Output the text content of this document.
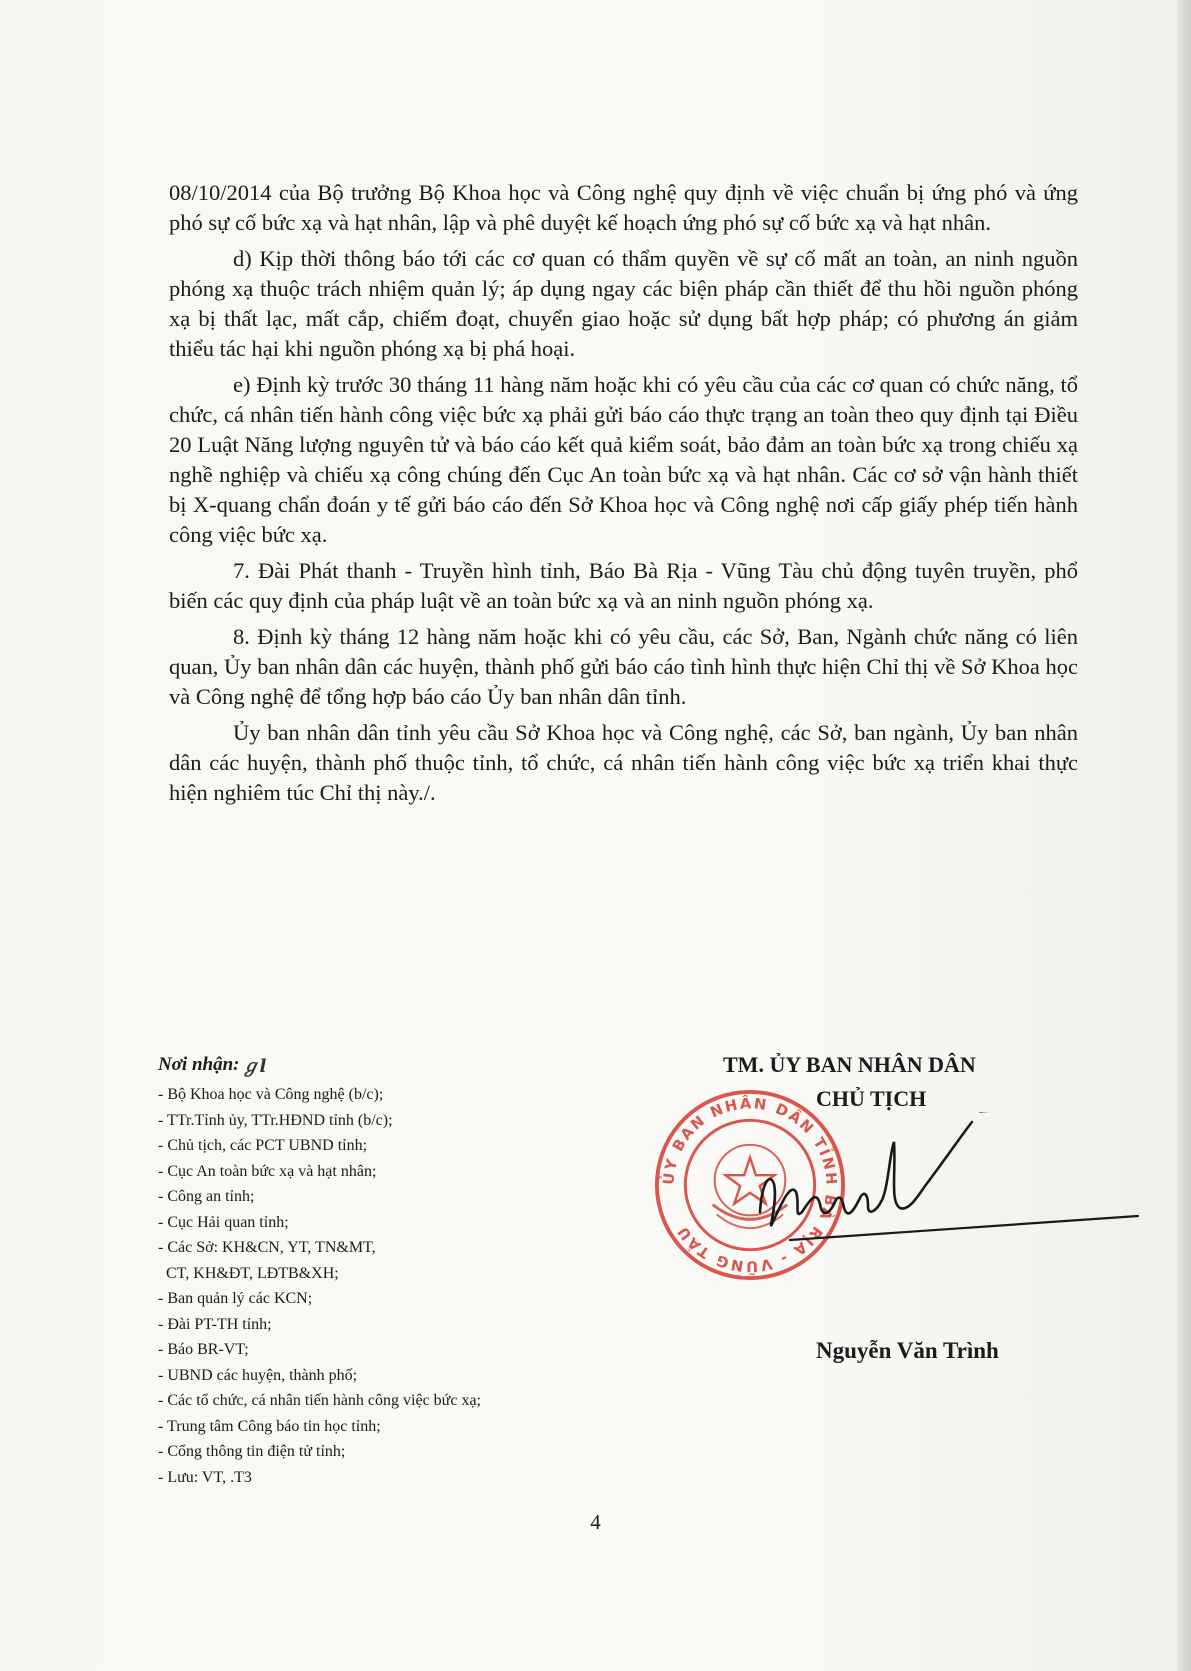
08/10/2014 của Bộ trưởng Bộ Khoa học và Công nghệ quy định về việc chuẩn bị ứng phó và ứng phó sự cố bức xạ và hạt nhân, lập và phê duyệt kế hoạch ứng phó sự cố bức xạ và hạt nhân.

d) Kịp thời thông báo tới các cơ quan có thẩm quyền về sự cố mất an toàn, an ninh nguồn phóng xạ thuộc trách nhiệm quản lý; áp dụng ngay các biện pháp cần thiết để thu hồi nguồn phóng xạ bị thất lạc, mất cắp, chiếm đoạt, chuyển giao hoặc sử dụng bất hợp pháp; có phương án giảm thiểu tác hại khi nguồn phóng xạ bị phá hoại.

e) Định kỳ trước 30 tháng 11 hàng năm hoặc khi có yêu cầu của các cơ quan có chức năng, tổ chức, cá nhân tiến hành công việc bức xạ phải gửi báo cáo thực trạng an toàn theo quy định tại Điều 20 Luật Năng lượng nguyên tử và báo cáo kết quả kiểm soát, bảo đảm an toàn bức xạ trong chiếu xạ nghề nghiệp và chiếu xạ công chúng đến Cục An toàn bức xạ và hạt nhân. Các cơ sở vận hành thiết bị X-quang chẩn đoán y tế gửi báo cáo đến Sở Khoa học và Công nghệ nơi cấp giấy phép tiến hành công việc bức xạ.

7. Đài Phát thanh - Truyền hình tỉnh, Báo Bà Rịa - Vũng Tàu chủ động tuyên truyền, phổ biến các quy định của pháp luật về an toàn bức xạ và an ninh nguồn phóng xạ.

8. Định kỳ tháng 12 hàng năm hoặc khi có yêu cầu, các Sở, Ban, Ngành chức năng có liên quan, Ủy ban nhân dân các huyện, thành phố gửi báo cáo tình hình thực hiện Chỉ thị về Sở Khoa học và Công nghệ để tổng hợp báo cáo Ủy ban nhân dân tỉnh.

Ủy ban nhân dân tỉnh yêu cầu Sở Khoa học và Công nghệ, các Sở, ban ngành, Ủy ban nhân dân các huyện, thành phố thuộc tỉnh, tổ chức, cá nhân tiến hành công việc bức xạ triển khai thực hiện nghiêm túc Chỉ thị này./.

Nơi nhận: ℊl
- Bộ Khoa học và Công nghệ (b/c);
- TTr.Tỉnh ủy, TTr.HĐND tỉnh (b/c);
- Chủ tịch, các PCT UBND tỉnh;
- Cục An toàn bức xạ và hạt nhân;
- Công an tỉnh;
- Cục Hải quan tỉnh;
- Các Sở: KH&CN, YT, TN&MT,
CT, KH&ĐT, LĐTB&XH;
- Ban quản lý các KCN;
- Đài PT-TH tỉnh;
- Báo BR-VT;
- UBND các huyện, thành phố;
- Các tổ chức, cá nhân tiến hành công việc bức xạ;
- Trung tâm Công báo tin học tỉnh;
- Cổng thông tin điện tử tỉnh;
- Lưu: VT, .T3
ỦY BAN NHÂN DÂN TỈNH BÀ RỊA - VŨNG TÀU
TM. ỦY BAN NHÂN DÂN
CHỦ TỊCH
Nguyễn Văn Trình
4
